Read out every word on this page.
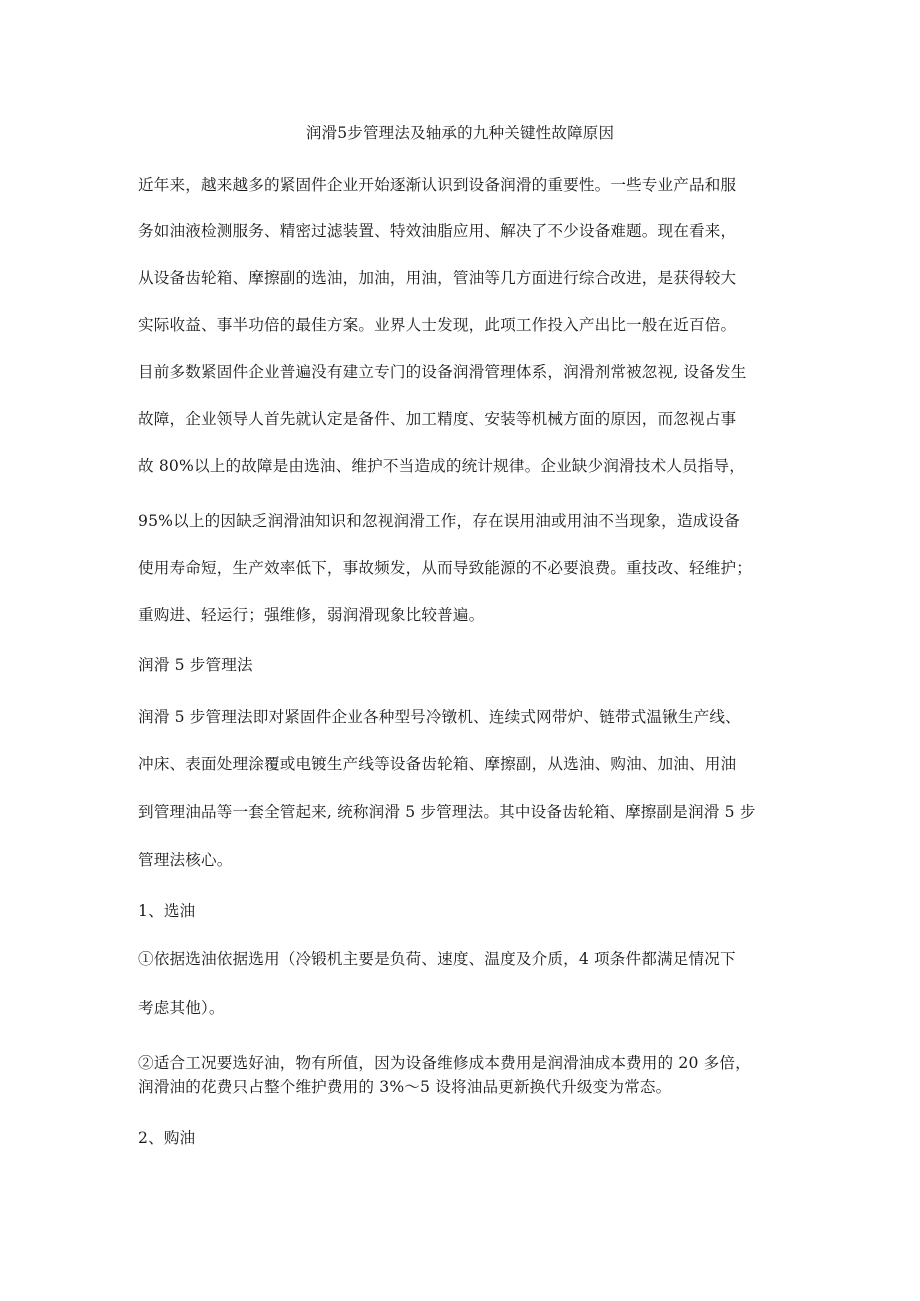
润滑5步管理法及轴承的九种关键性故障原因
近年来，越来越多的紧固件企业开始逐渐认识到设备润滑的重要性。一些专业产品和服
务如油液检测服务、精密过滤装置、特效油脂应用、解决了不少设备难题。现在看来，
从设备齿轮箱、摩擦副的选油，加油，用油，管油等几方面进行综合改进，是获得较大
实际收益、事半功倍的最佳方案。业界人士发现，此项工作投入产出比一般在近百倍。
目前多数紧固件企业普遍没有建立专门的设备润滑管理体系，润滑剂常被忽视, 设备发生
故障，企业领导人首先就认定是备件、加工精度、安装等机械方面的原因，而忽视占事
故 80%以上的故障是由选油、维护不当造成的统计规律。企业缺少润滑技术人员指导，
95%以上的因缺乏润滑油知识和忽视润滑工作，存在误用油或用油不当现象，造成设备
使用寿命短，生产效率低下，事故频发，从而导致能源的不必要浪费。重技改、轻维护；
重购进、轻运行；强维修，弱润滑现象比较普遍。
润滑 5 步管理法
润滑 5 步管理法即对紧固件企业各种型号冷镦机、连续式网带炉、链带式温锹生产线、
冲床、表面处理涂覆或电镀生产线等设备齿轮箱、摩擦副，从选油、购油、加油、用油
到管理油品等一套全管起来, 统称润滑 5 步管理法。其中设备齿轮箱、摩擦副是润滑 5 步
管理法核心。
1、选油
①依据选油依据选用（冷锻机主要是负荷、速度、温度及介质，4 项条件都满足情况下
考虑其他）。
②适合工况要选好油，物有所值，因为设备维修成本费用是润滑油成本费用的 20 多倍，
润滑油的花费只占整个维护费用的 3%～5 设将油品更新换代升级变为常态。
2、购油
